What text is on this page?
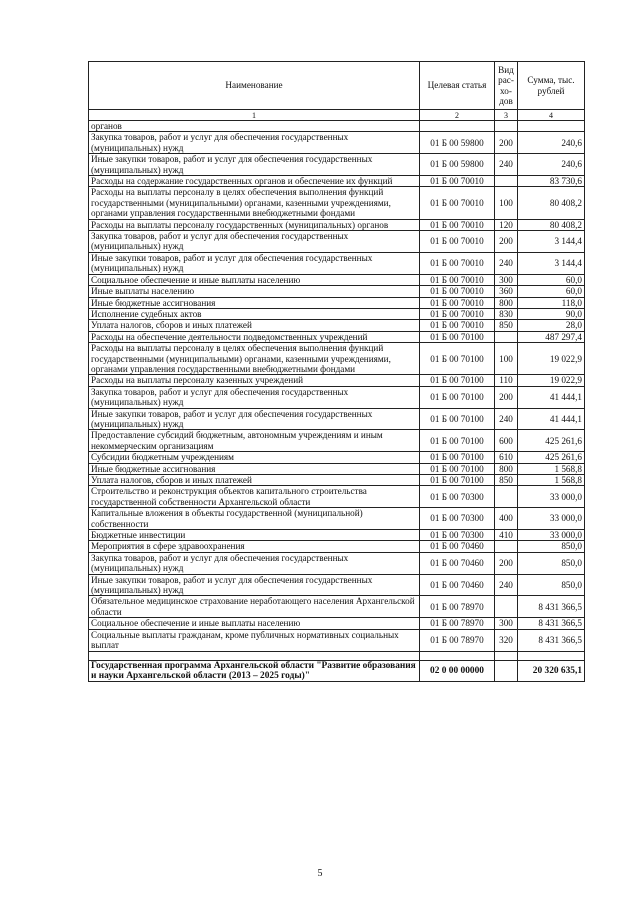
Наименование	Целевая статья	Вид рас-хо-дов	Сумма, тыс. рублей
1	2	3	4
органов			
Закупка товаров, работ и услуг для обеспечения государственных (муниципальных) нужд	01 Б 00 59800	200	240,6
Иные закупки товаров, работ и услуг для обеспечения государственных (муниципальных) нужд	01 Б 00 59800	240	240,6
Расходы на содержание государственных органов и обеспечение их функций	01 Б 00 70010		83 730,6
Расходы на выплаты персоналу в целях обеспечения выполнения функций государственными (муниципальными) органами, казенными учреждениями, органами управления государственными внебюджетными фондами	01 Б 00 70010	100	80 408,2
Расходы на выплаты персоналу государственных (муниципальных) органов	01 Б 00 70010	120	80 408,2
Закупка товаров, работ и услуг для обеспечения государственных (муниципальных) нужд	01 Б 00 70010	200	3 144,4
Иные закупки товаров, работ и услуг для обеспечения государственных (муниципальных) нужд	01 Б 00 70010	240	3 144,4
Социальное обеспечение и иные выплаты населению	01 Б 00 70010	300	60,0
Иные выплаты населению	01 Б 00 70010	360	60,0
Иные бюджетные ассигнования	01 Б 00 70010	800	118,0
Исполнение судебных актов	01 Б 00 70010	830	90,0
Уплата налогов, сборов и иных платежей	01 Б 00 70010	850	28,0
Расходы на обеспечение деятельности подведомственных учреждений	01 Б 00 70100		487 297,4
Расходы на выплаты персоналу в целях обеспечения выполнения функций государственными (муниципальными) органами, казенными учреждениями, органами управления государственными внебюджетными фондами	01 Б 00 70100	100	19 022,9
Расходы на выплаты персоналу казенных учреждений	01 Б 00 70100	110	19 022,9
Закупка товаров, работ и услуг для обеспечения государственных (муниципальных) нужд	01 Б 00 70100	200	41 444,1
Иные закупки товаров, работ и услуг для обеспечения государственных (муниципальных) нужд	01 Б 00 70100	240	41 444,1
Предоставление субсидий бюджетным, автономным учреждениям и иным некоммерческим организациям	01 Б 00 70100	600	425 261,6
Субсидии бюджетным учреждениям	01 Б 00 70100	610	425 261,6
Иные бюджетные ассигнования	01 Б 00 70100	800	1 568,8
Уплата налогов, сборов и иных платежей	01 Б 00 70100	850	1 568,8
Строительство и реконструкция объектов капитального строительства государственной собственности Архангельской области	01 Б 00 70300		33 000,0
Капитальные вложения в объекты государственной (муниципальной) собственности	01 Б 00 70300	400	33 000,0
Бюджетные инвестиции	01 Б 00 70300	410	33 000,0
Мероприятия в сфере здравоохранения	01 Б 00 70460		850,0
Закупка товаров, работ и услуг для обеспечения государственных (муниципальных) нужд	01 Б 00 70460	200	850,0
Иные закупки товаров, работ и услуг для обеспечения государственных (муниципальных) нужд	01 Б 00 70460	240	850,0
Обязательное медицинское страхование неработающего населения Архангельской области	01 Б 00 78970		8 431 366,5
Социальное обеспечение и иные выплаты населению	01 Б 00 78970	300	8 431 366,5
Социальные выплаты гражданам, кроме публичных нормативных социальных выплат	01 Б 00 78970	320	8 431 366,5

Государственная программа Архангельской области "Развитие образования и науки Архангельской области (2013 – 2025 годы)"	02 0 00 00000		20 320 635,1
5
